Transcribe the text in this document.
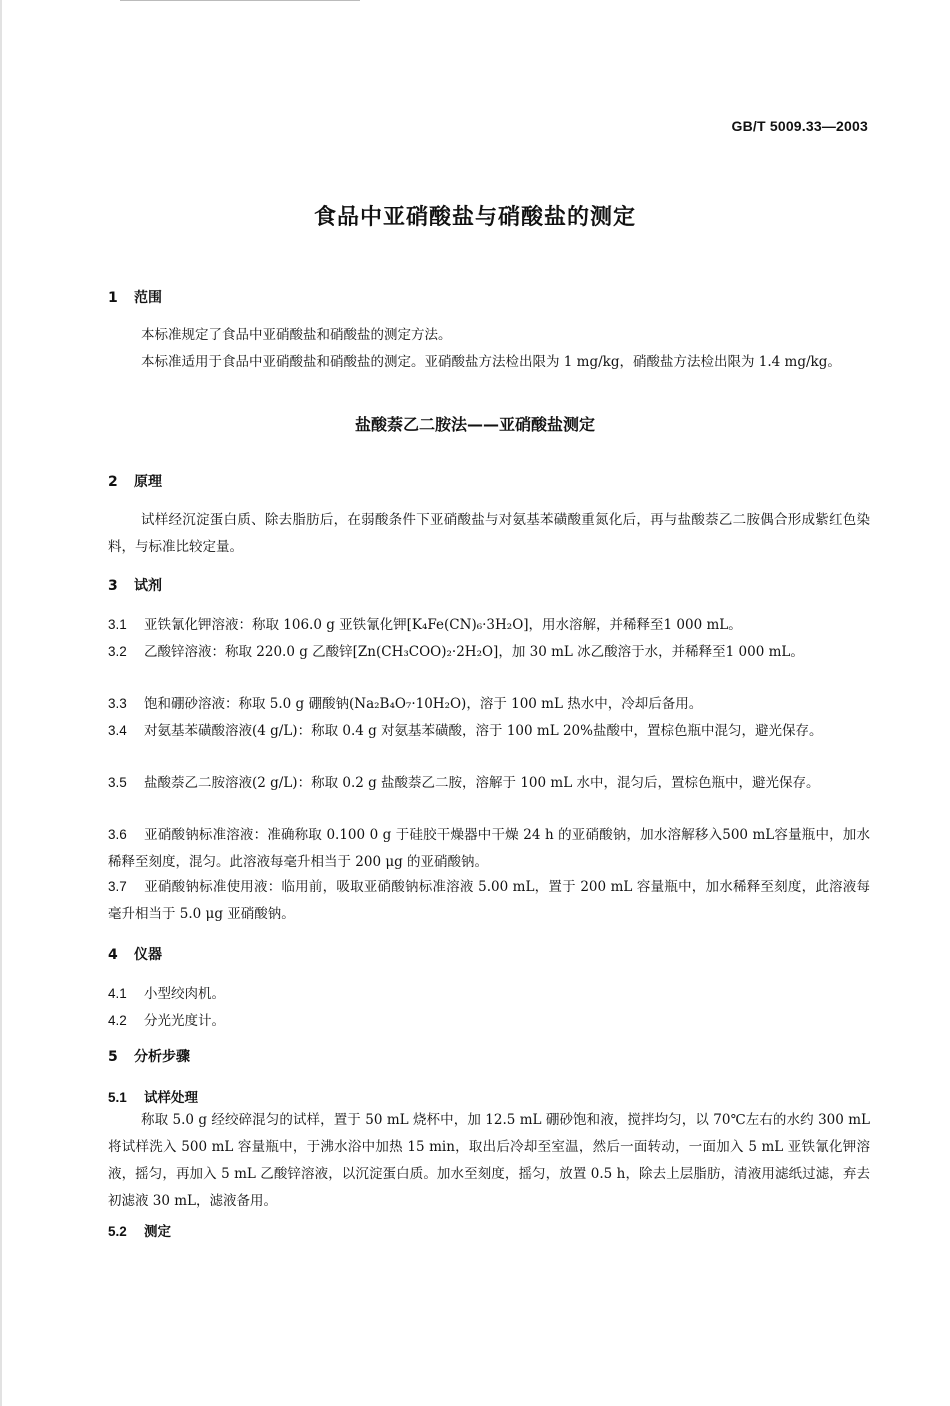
GB/T 5009.33—2003
食品中亚硝酸盐与硝酸盐的测定
1 范围
本标准规定了食品中亚硝酸盐和硝酸盐的测定方法。
本标准适用于食品中亚硝酸盐和硝酸盐的测定。亚硝酸盐方法检出限为 1 mg/kg，硝酸盐方法检出限为 1.4 mg/kg。
盐酸萘乙二胺法——亚硝酸盐测定
2 原理
试样经沉淀蛋白质、除去脂肪后，在弱酸条件下亚硝酸盐与对氨基苯磺酸重氮化后，再与盐酸萘乙二胺偶合形成紫红色染料，与标准比较定量。
3 试剂
3.1 亚铁氰化钾溶液：称取 106.0 g 亚铁氰化钾[K₄Fe(CN)₆·3H₂O]，用水溶解，并稀释至1 000 mL。
3.2 乙酸锌溶液：称取 220.0 g 乙酸锌[Zn(CH₃COO)₂·2H₂O]，加 30 mL 冰乙酸溶于水，并稀释至1 000 mL。
3.3 饱和硼砂溶液：称取 5.0 g 硼酸钠(Na₂B₄O₇·10H₂O)，溶于 100 mL 热水中，冷却后备用。
3.4 对氨基苯磺酸溶液(4 g/L)：称取 0.4 g 对氨基苯磺酸，溶于 100 mL 20%盐酸中，置棕色瓶中混匀，避光保存。
3.5 盐酸萘乙二胺溶液(2 g/L)：称取 0.2 g 盐酸萘乙二胺，溶解于 100 mL 水中，混匀后，置棕色瓶中，避光保存。
3.6 亚硝酸钠标准溶液：准确称取 0.100 0 g 于硅胶干燥器中干燥 24 h 的亚硝酸钠，加水溶解移入500 mL容量瓶中，加水稀释至刻度，混匀。此溶液每毫升相当于 200 μg 的亚硝酸钠。
3.7 亚硝酸钠标准使用液：临用前，吸取亚硝酸钠标准溶液 5.00 mL，置于 200 mL 容量瓶中，加水稀释至刻度，此溶液每毫升相当于 5.0 μg 亚硝酸钠。
4 仪器
4.1 小型绞肉机。
4.2 分光光度计。
5 分析步骤
5.1 试样处理
称取 5.0 g 经绞碎混匀的试样，置于 50 mL 烧杯中，加 12.5 mL 硼砂饱和液，搅拌均匀，以 70℃左右的水约 300 mL 将试样洗入 500 mL 容量瓶中，于沸水浴中加热 15 min，取出后冷却至室温，然后一面转动，一面加入 5 mL 亚铁氰化钾溶液，摇匀，再加入 5 mL 乙酸锌溶液，以沉淀蛋白质。加水至刻度，摇匀，放置 0.5 h，除去上层脂肪，清液用滤纸过滤，弃去初滤液 30 mL，滤液备用。
5.2 测定
